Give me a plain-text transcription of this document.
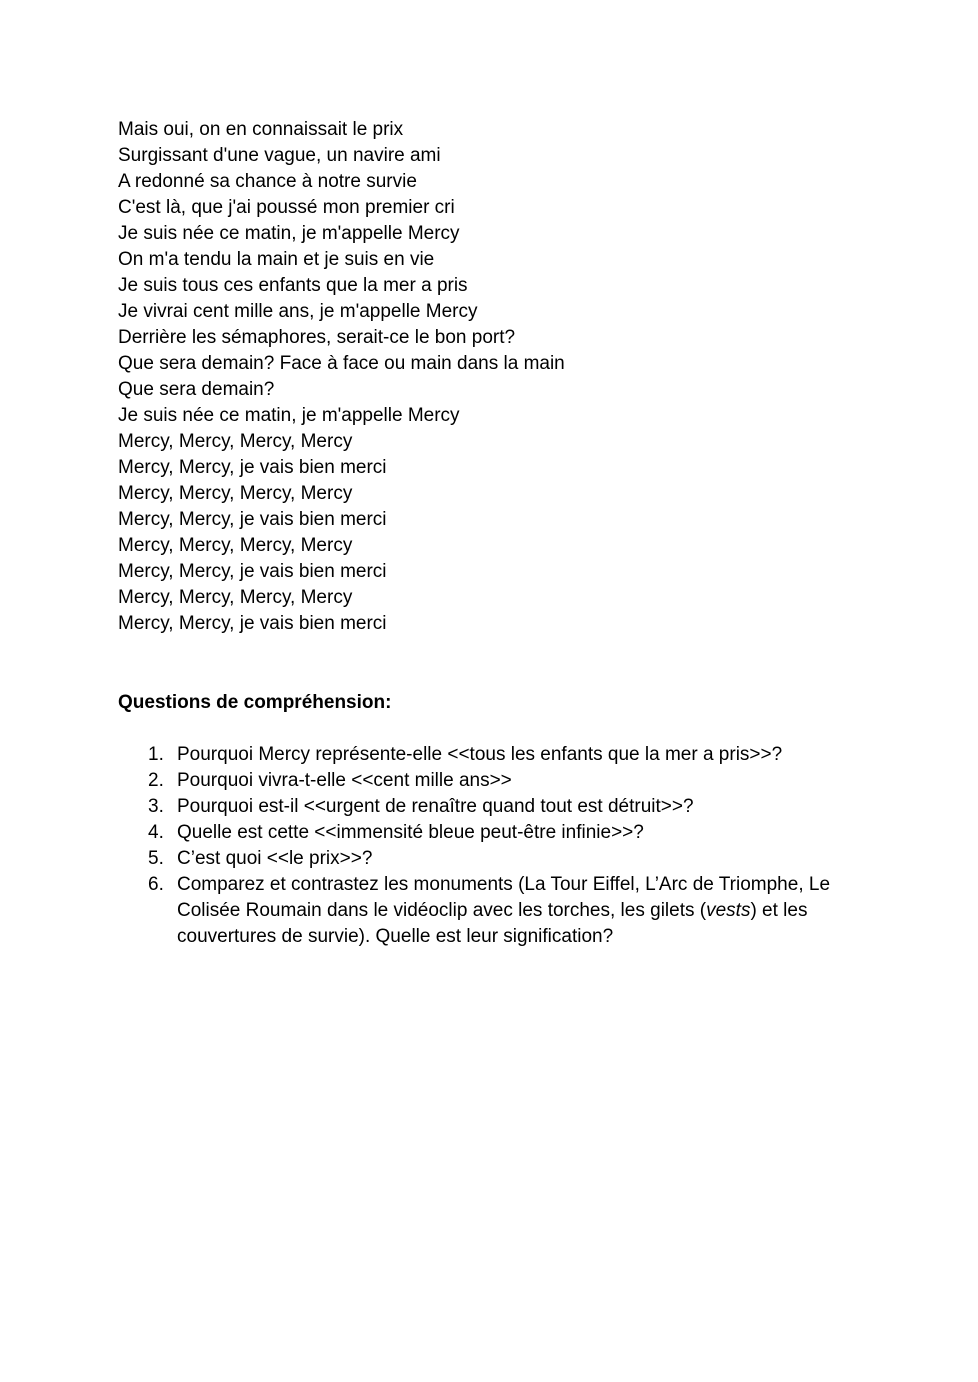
Mais oui, on en connaissait le prix
Surgissant d'une vague, un navire ami
A redonné sa chance à notre survie
C'est là, que j'ai poussé mon premier cri
Je suis née ce matin, je m'appelle Mercy
On m'a tendu la main et je suis en vie
Je suis tous ces enfants que la mer a pris
Je vivrai cent mille ans, je m'appelle Mercy
Derrière les sémaphores, serait-ce le bon port?
Que sera demain? Face à face ou main dans la main
Que sera demain?
Je suis née ce matin, je m'appelle Mercy
Mercy, Mercy, Mercy, Mercy
Mercy, Mercy, je vais bien merci
Mercy, Mercy, Mercy, Mercy
Mercy, Mercy, je vais bien merci
Mercy, Mercy, Mercy, Mercy
Mercy, Mercy, je vais bien merci
Mercy, Mercy, Mercy, Mercy
Mercy, Mercy, je vais bien merci
Questions de compréhension:
1. Pourquoi Mercy représente-elle <<tous les enfants que la mer a pris>>?
2. Pourquoi vivra-t-elle <<cent mille ans>>
3. Pourquoi est-il <<urgent de renaître quand tout est détruit>>?
4. Quelle est cette <<immensité bleue peut-être infinie>>?
5. C’est quoi <<le prix>>?
6. Comparez et contrastez les monuments (La Tour Eiffel, L’Arc de Triomphe, Le Colisée Roumain dans le vidéoclip avec les torches, les gilets (vests) et les couvertures de survie). Quelle est leur signification?
